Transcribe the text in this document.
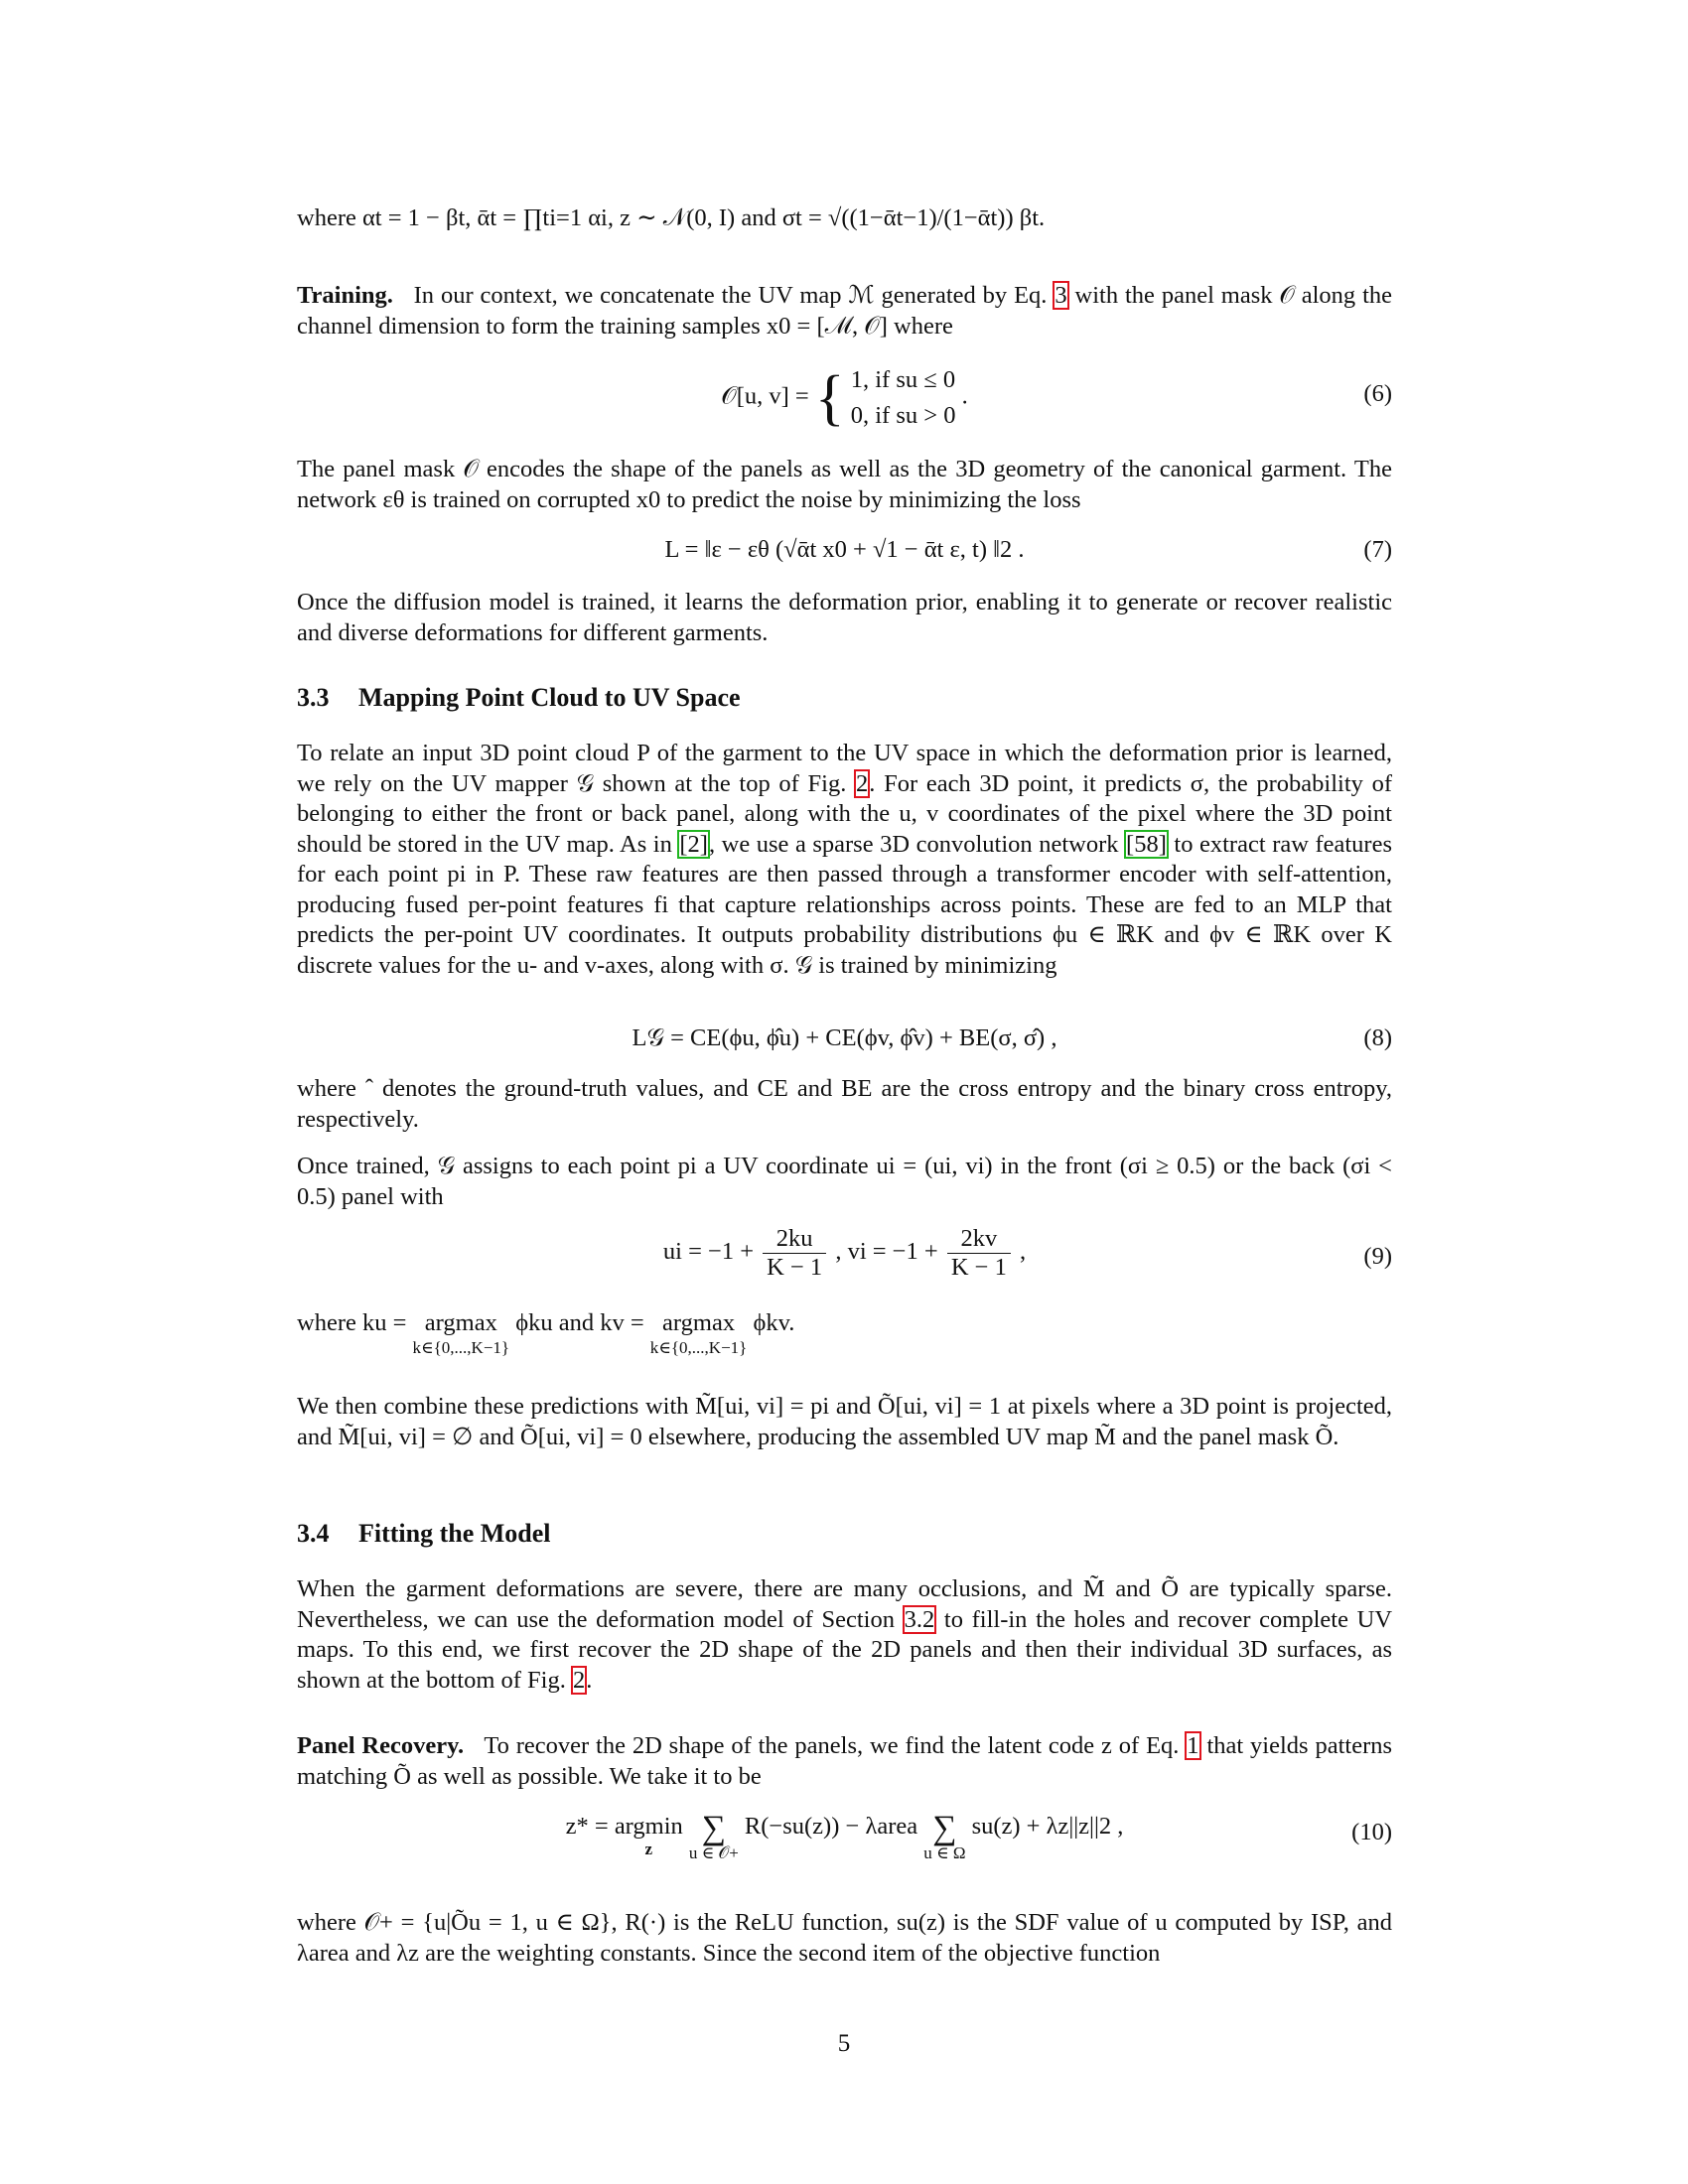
where αt = 1 − βt, ᾱt = ∏ti=1 αi, z ∼ 𝒩(0, I) and σt = √((1−ᾱt−1)/(1−ᾱt)) βt.

Training. In our context, we concatenate the UV map ℳ generated by Eq. 3 with the panel mask 𝒪 along the channel dimension to form the training samples x0 = [ℳ, 𝒪] where

𝒪[u, v] = { 1, if su ≤ 0
0, if su > 0
.	(6)

The panel mask 𝒪 encodes the shape of the panels as well as the 3D geometry of the canonical garment. The network εθ is trained on corrupted x0 to predict the noise by minimizing the loss

L = ‖ε − εθ (√ᾱt x0 + √1 − ᾱt ε, t) ‖2 .	(7)

Once the diffusion model is trained, it learns the deformation prior, enabling it to generate or recover realistic and diverse deformations for different garments.

3.3 Mapping Point Cloud to UV Space

To relate an input 3D point cloud P of the garment to the UV space in which the deformation prior is learned, we rely on the UV mapper 𝒢 shown at the top of Fig. 2. For each 3D point, it predicts σ, the probability of belonging to either the front or back panel, along with the u, v coordinates of the pixel where the 3D point should be stored in the UV map. As in [2], we use a sparse 3D convolution network [58] to extract raw features for each point pi in P. These raw features are then passed through a transformer encoder with self-attention, producing fused per-point features fi that capture relationships across points. These are fed to an MLP that predicts the per-point UV coordinates. It outputs probability distributions ϕu ∈ ℝK and ϕv ∈ ℝK over K discrete values for the u- and v-axes, along with σ. 𝒢 is trained by minimizing

L𝒢 = CE(ϕu, ϕ̂u) + CE(ϕv, ϕ̂v) + BE(σ, σ̂) ,	(8)

where ˆ denotes the ground-truth values, and CE and BE are the cross entropy and the binary cross entropy, respectively.

Once trained, 𝒢 assigns to each point pi a UV coordinate ui = (ui, vi) in the front (σi ≥ 0.5) or the back (σi < 0.5) panel with

ui = $-1 + \frac{2ku}{K - 1}$ , vi = $-1 + \frac{2kv}{K - 1}$ ,	(9)

where ku = argmax
k∈{0,...,K−1}
ϕku and kv = argmax
k∈{0,...,K−1}
ϕkv.

We then combine these predictions with M̃[ui, vi] = pi and Õ[ui, vi] = 1 at pixels where a 3D point is projected, and M̃[ui, vi] = ∅ and Õ[ui, vi] = 0 elsewhere, producing the assembled UV map M̃ and the panel mask Õ.

3.4 Fitting the Model

When the garment deformations are severe, there are many occlusions, and M̃ and Õ are typically sparse. Nevertheless, we can use the deformation model of Section 3.2 to fill-in the holes and recover complete UV maps. To this end, we first recover the 2D shape of the 2D panels and then their individual 3D surfaces, as shown at the bottom of Fig. 2.

Panel Recovery. To recover the 2D shape of the panels, we find the latent code z of Eq. 1 that yields patterns matching Õ as well as possible. We take it to be

z* = argmin
z

∑
u ∈ 𝒪+
R(−su(z)) − λarea ∑
u ∈ Ω
su(z) + λz||z||2 ,	(10)

where 𝒪+ = {u|Õu = 1, u ∈ Ω}, R(·) is the ReLU function, su(z) is the SDF value of u computed by ISP, and λarea and λz are the weighting constants. Since the second item of the objective function

5
